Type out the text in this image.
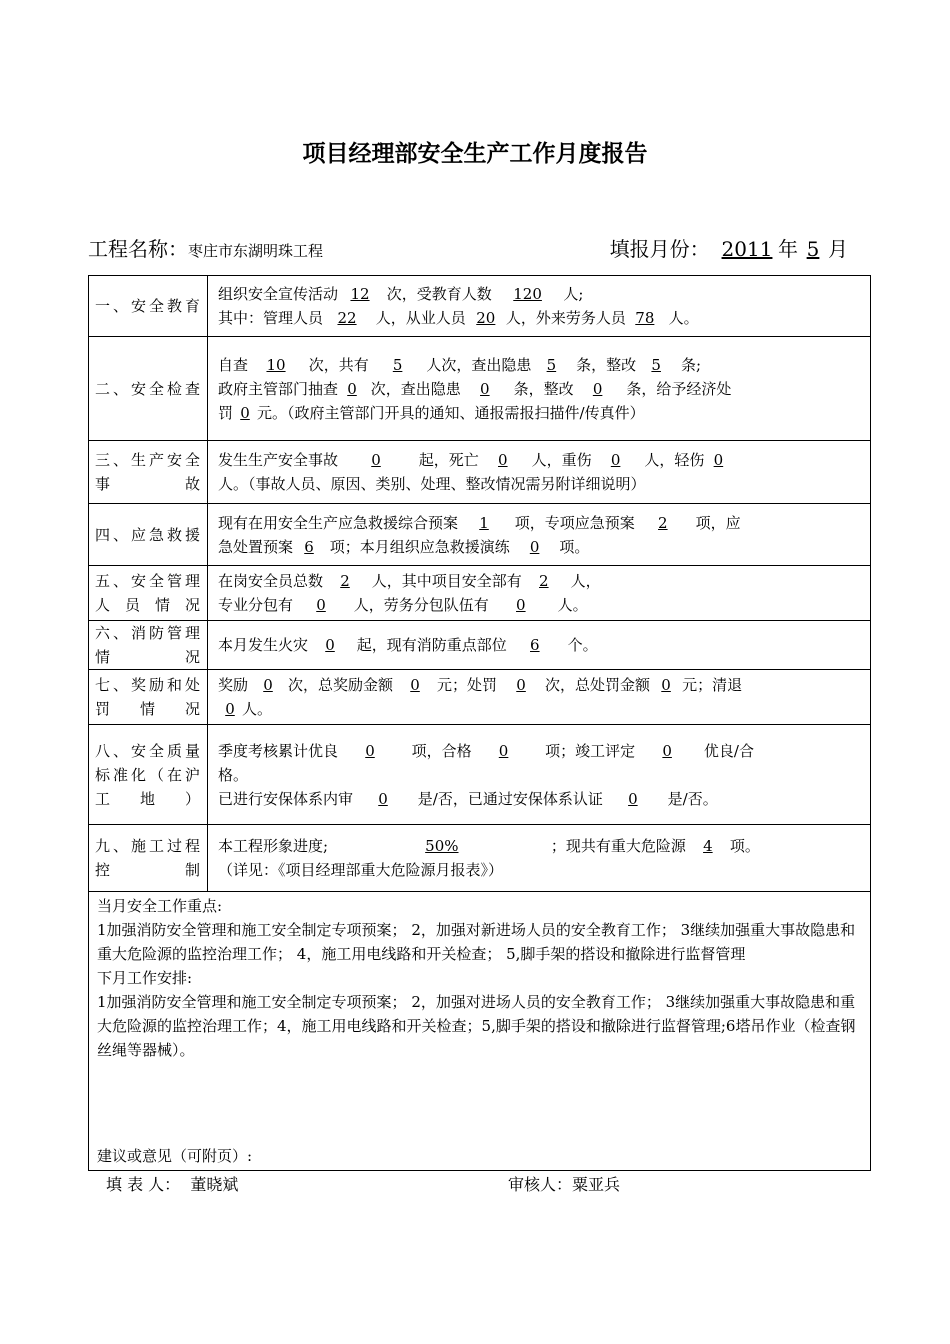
项目经理部安全生产工作月度报告
工程名称：枣庄市东湖明珠工程	填报月份： 2011 年 5 月
一、安全教育	组织安全宣传活动 12 次，受教育人数 120 人;
其中：管理人员 22 人，从业人员 20 人，外来劳务人员 78 人。
二、安全检查	自查 10 次，共有 5 人次，查出隐患 5 条，整改 5 条;
政府主管部门抽查 0 次，查出隐患 0 条，整改 0 条，给予经济处
罚 0 元。（政府主管部门开具的通知、通报需报扫描件/传真件）
三、生产安全事故	发生生产安全事故 0 起，死亡 0 人，重伤 0 人，轻伤 0
人。（事故人员、原因、类别、处理、整改情况需另附详细说明）
四、应急救援	现有在用安全生产应急救援综合预案 1 项，专项应急预案 2 项，应
急处置预案 6 项；本月组织应急救援演练 0 项。
五、安全管理人员情况	在岗安全员总数 2 人，其中项目安全部有 2 人，
专业分包有 0 人，劳务分包队伍有 0 人。
六、消防管理情况	本月发生火灾 0 起，现有消防重点部位 6 个。
七、奖励和处罚情况	奖励 0 次，总奖励金额 0 元；处罚 0 次，总处罚金额 0 元；清退
0 人。
八、安全质量标准化（在沪工地）	季度考核累计优良 0 项，合格 0 项；竣工评定 0 优良/合
格。
已进行安保体系内审 0 是/否，已通过安保体系认证 0 是/否。
九、施工过程控制	本工程形象进度; 50% ；现共有重大危险源 4 项。
（详见：《项目经理部重大危险源月报表》）

当月安全工作重点:
1加强消防安全管理和施工安全制定专项预案； 2，加强对新进场人员的安全教育工作； 3继续加强重大事故隐患和重大危险源的监控治理工作； 4，施工用电线路和开关检查； 5,脚手架的搭设和撤除进行监督管理
下月工作安排:
1加强消防安全管理和施工安全制定专项预案； 2，加强对进场人员的安全教育工作； 3继续加强重大事故隐患和重大危险源的监控治理工作；4，施工用电线路和开关检查；5,脚手架的搭设和撤除进行监督管理;6塔吊作业（检查钢丝绳等器械）。
建议或意见（可附页）:	
填 表 人： 董晓斌	审核人：粟亚兵
